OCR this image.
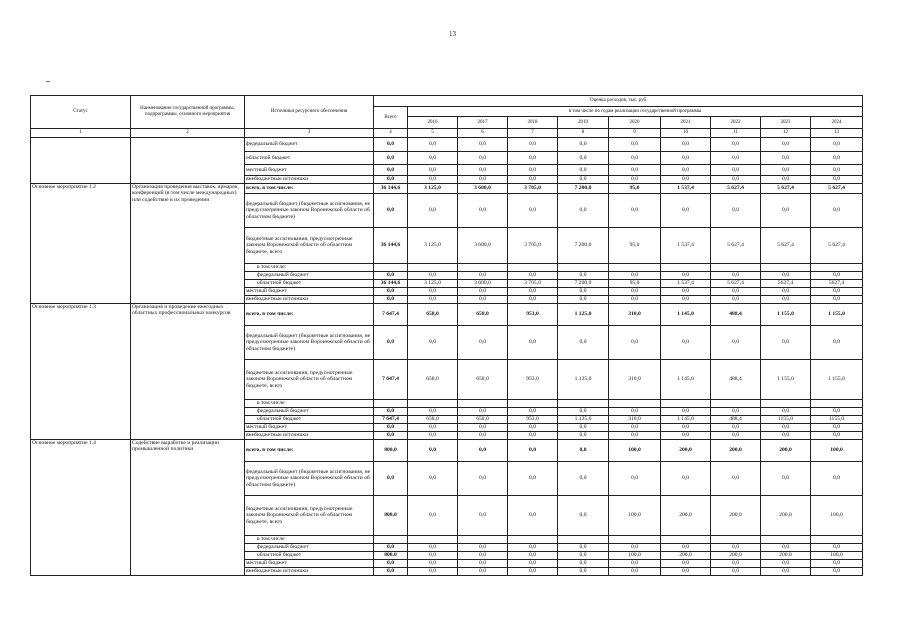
13
Статус	Наименование государственной программы, подпрограммы, основного мероприятия	Источники ресурсного обеспечения	Оценка расходов, тыс. руб									
			Всего	в том числе по годам реализации государственной программы								
				2016	2017	2018	2019	2020	2021	2022	2023	2024
1	2	3	4	5	6	7	8	9	10	11	12	13
		федеральный бюджет	0,0	0,0	0,0	0,0	0,0	0,0	0,0	0,0	0,0	0,0
		областной бюджет	0,0	0,0	0,0	0,0	0,0	0,0	0,0	0,0	0,0	0,0
		местный бюджет	0,0	0,0	0,0	0,0	0,0	0,0	0,0	0,0	0,0	0,0
		внебюджетные источники	0,0	0,0	0,0	0,0	0,0	0,0	0,0	0,0	0,0	0,0
Основное мероприятие 1.2	Организация проведения выставок, ярмарок, конференций (в том числе международных) или содействие в их проведении	всего, в том числе:	36 144,6	3 125,0	3 600,0	3 705,0	7 200,0	95,0	1 537,4	5 627,4	5 627,4	5 627,4
		федеральный бюджет (бюджетные ассигнования, не предусмотренные законом Воронежской области об областном бюджете)	0,0	0,0	0,0	0,0	0,0	0,0	0,0	0,0	0,0	0,0
		бюджетные ассигнования, предусмотренные законом Воронежской области об областном бюджете, всего	36 144,6	3 125,0	3 600,0	3 705,0	7 200,0	95,0	1 537,4	5 627,4	5 627,4	5 627,4
		в том числе:										
		федеральный бюджет	0,0	0,0	0,0	0,0	0,0	0,0	0,0	0,0	0,0	0,0
		областной бюджет	36 144,6	3 125,0	3 600,0	3 705,0	7 200,0	95,0	1 537,4	5 627,4	5627,4	5627,4
		местный бюджет	0,0	0,0	0,0	0,0	0,0	0,0	0,0	0,0	0,0	0,0
		внебюджетные источники	0,0	0,0	0,0	0,0	0,0	0,0	0,0	0,0	0,0	0,0
Основное мероприятие 1.3	Организация и проведение ежегодных областных профессиональных конкурсов	всего, в том числе:	7 647,4	658,0	658,0	953,0	1 125,0	310,0	1 145,0	488,4	1 155,0	1 155,0
		федеральный бюджет (бюджетные ассигнования, не предусмотренные законом Воронежской области об областном бюджете)	0,0	0,0	0,0	0,0	0,0	0,0	0,0	0,0	0,0	0,0
		бюджетные ассигнования, предусмотренные законом Воронежской области об областном бюджете, всего	7 647,4	658,0	658,0	953,0	1 125,0	310,0	1 145,0	488,4	1 155,0	1 155,0
		в том числе										
		федеральный бюджет	0,0	0,0	0,0	0,0	0,0	0,0	0,0	0,0	0,0	0,0
		областной бюджет	7 647,4	658,0	658,0	953,0	1 125,0	310,0	1 145,0	488,4	1155,0	1155,0
		местный бюджет	0,0	0,0	0,0	0,0	0,0	0,0	0,0	0,0	0,0	0,0
		внебюджетные источники	0,0	0,0	0,0	0,0	0,0	0,0	0,0	0,0	0,0	0,0
Основное мероприятие 1.4	Содействие выработке и реализации промышленной политики	всего, в том числе:	800,0	0,0	0,0	0,0	0,0	100,0	200,0	200,0	200,0	100,0
		федеральный бюджет (бюджетные ассигнования, не предусмотренные законом Воронежской области об областном бюджете)	0,0	0,0	0,0	0,0	0,0	0,0	0,0	0,0	0,0	0,0
		бюджетные ассигнования, предусмотренные законом Воронежской области об областном бюджете, всего	800,0	0,0	0,0	0,0	0,0	100,0	200,0	200,0	200,0	100,0
		в том числе										
		федеральный бюджет	0,0	0,0	0,0	0,0	0,0	0,0	0,0	0,0	0,0	0,0
		областной бюджет	800,0	0,0	0,0	0,0	0,0	100,0	200,0	200,0	200,0	100,0
		местный бюджет	0,0	0,0	0,0	0,0	0,0	0,0	0,0	0,0	0,0	0,0
		внебюджетные источники	0,0	0,0	0,0	0,0	0,0	0,0	0,0	0,0	0,0	0,0
